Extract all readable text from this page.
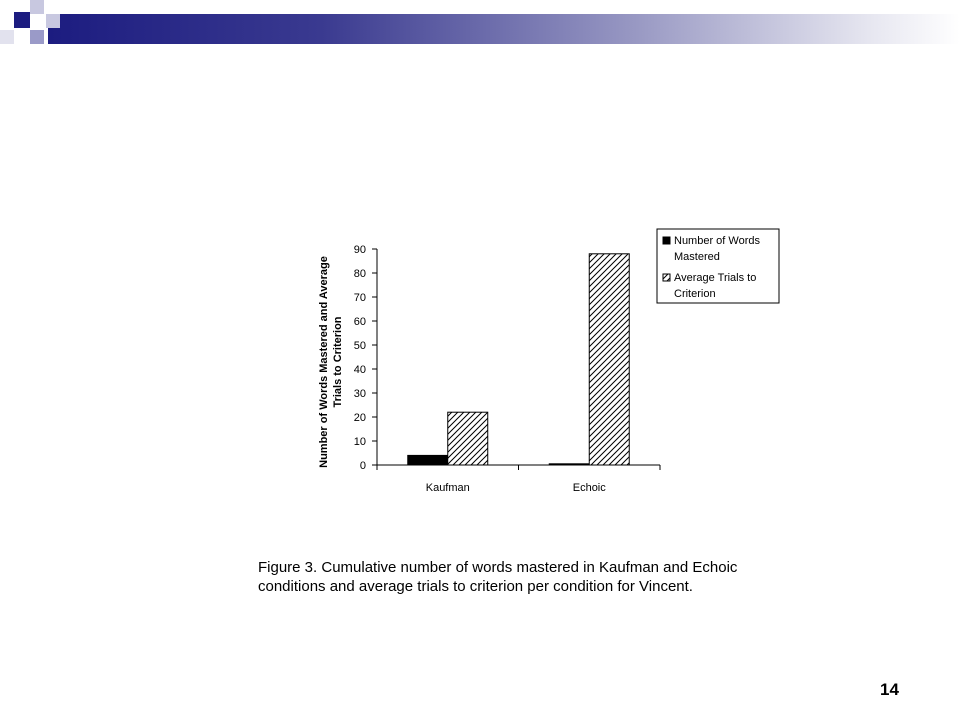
0
10
20
30
40
50
60
70
80
90
Kaufman	Echoic
Number of Words Mastered and Average Trials to Criterion
Number of Words
Mastered
Average Trials to
Criterion
Figure 3. Cumulative number of words mastered in Kaufman and Echoic conditions and average trials to criterion per condition for Vincent.
14
